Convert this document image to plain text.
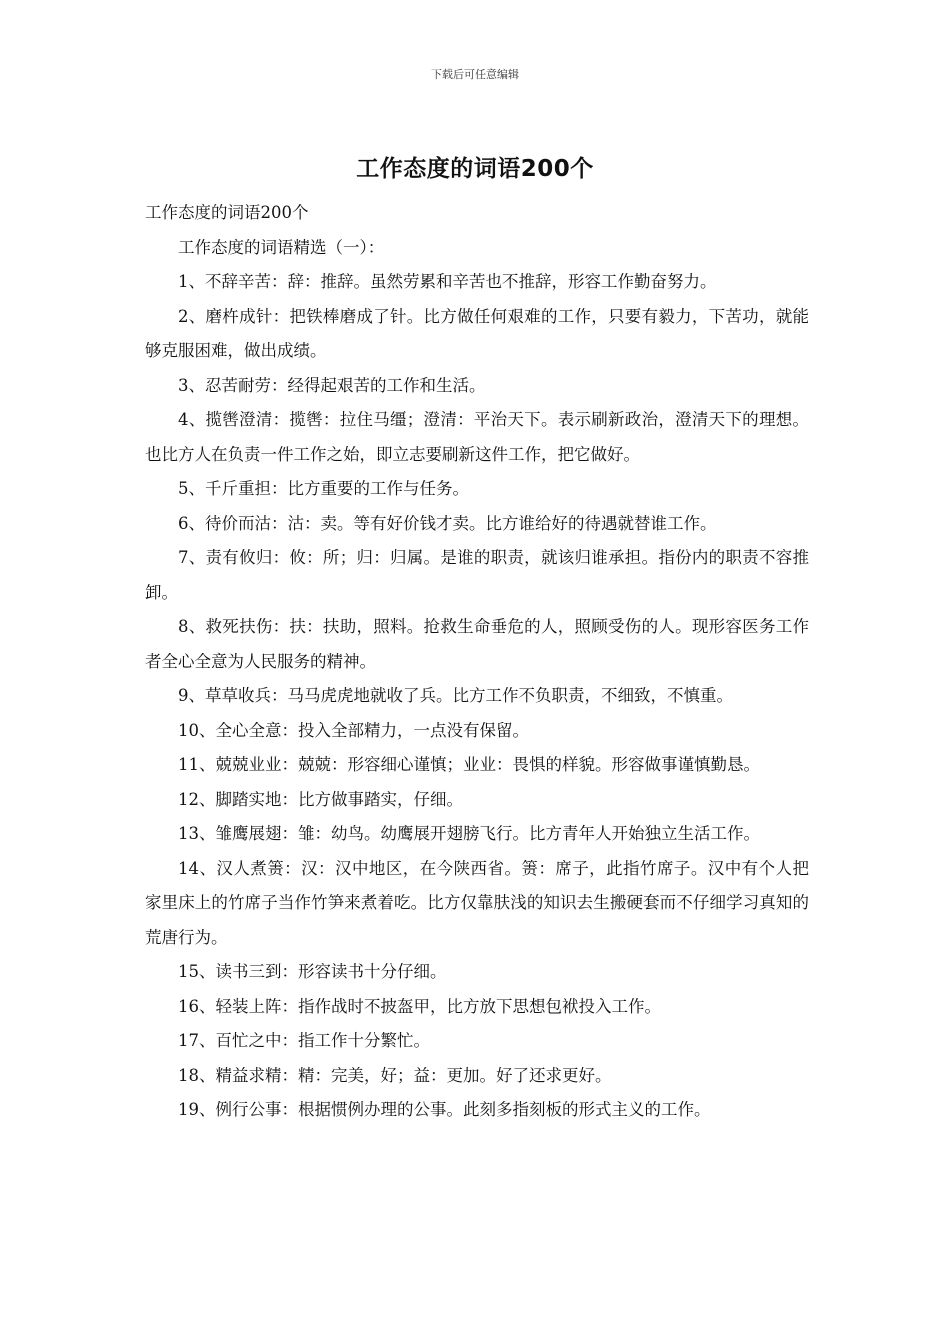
下载后可任意编辑
工作态度的词语200个

工作态度的词语200个

工作态度的词语精选（一）：

1、不辞辛苦：辞：推辞。虽然劳累和辛苦也不推辞，形容工作勤奋努力。

2、磨杵成针：把铁棒磨成了针。比方做任何艰难的工作，只要有毅力，下苦功，就能够克服困难，做出成绩。

3、忍苦耐劳：经得起艰苦的工作和生活。

4、揽辔澄清：揽辔：拉住马缰；澄清：平治天下。表示刷新政治，澄清天下的理想。也比方人在负责一件工作之始，即立志要刷新这件工作，把它做好。

5、千斤重担：比方重要的工作与任务。

6、待价而沽：沽：卖。等有好价钱才卖。比方谁给好的待遇就替谁工作。

7、责有攸归：攸：所；归：归属。是谁的职责，就该归谁承担。指份内的职责不容推卸。

8、救死扶伤：扶：扶助，照料。抢救生命垂危的人，照顾受伤的人。现形容医务工作者全心全意为人民服务的精神。

9、草草收兵：马马虎虎地就收了兵。比方工作不负职责，不细致，不慎重。

10、全心全意：投入全部精力，一点没有保留。

11、兢兢业业：兢兢：形容细心谨慎；业业：畏惧的样貌。形容做事谨慎勤恳。

12、脚踏实地：比方做事踏实，仔细。

13、雏鹰展翅：雏：幼鸟。幼鹰展开翅膀飞行。比方青年人开始独立生活工作。

14、汉人煮箦：汉：汉中地区，在今陕西省。箦：席子，此指竹席子。汉中有个人把家里床上的竹席子当作竹笋来煮着吃。比方仅靠肤浅的知识去生搬硬套而不仔细学习真知的荒唐行为。

15、读书三到：形容读书十分仔细。

16、轻装上阵：指作战时不披盔甲，比方放下思想包袱投入工作。

17、百忙之中：指工作十分繁忙。

18、精益求精：精：完美，好；益：更加。好了还求更好。

19、例行公事：根据惯例办理的公事。此刻多指刻板的形式主义的工作。
